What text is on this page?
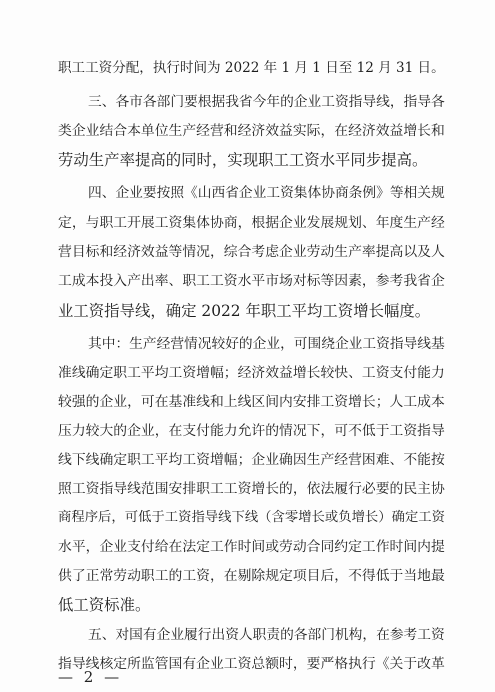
职工工资分配，执行时间为 2022 年 1 月 1 日至 12 月 31 日。
三、各市各部门要根据我省今年的企业工资指导线，指导各
类企业结合本单位生产经营和经济效益实际，在经济效益增长和
劳动生产率提高的同时，实现职工工资水平同步提高。
四、企业要按照《山西省企业工资集体协商条例》等相关规
定，与职工开展工资集体协商，根据企业发展规划、年度生产经
营目标和经济效益等情况，综合考虑企业劳动生产率提高以及人
工成本投入产出率、职工工资水平市场对标等因素，参考我省企
业工资指导线，确定 2022 年职工平均工资增长幅度。
其中：生产经营情况较好的企业，可围绕企业工资指导线基
准线确定职工平均工资增幅；经济效益增长较快、工资支付能力
较强的企业，可在基准线和上线区间内安排工资增长；人工成本
压力较大的企业，在支付能力允许的情况下，可不低于工资指导
线下线确定职工平均工资增幅；企业确因生产经营困难、不能按
照工资指导线范围安排职工工资增长的，依法履行必要的民主协
商程序后，可低于工资指导线下线（含零增长或负增长）确定工资
水平，企业支付给在法定工作时间或劳动合同约定工作时间内提
供了正常劳动职工的工资，在剔除规定项目后，不得低于当地最
低工资标准。
五、对国有企业履行出资人职责的各部门机构，在参考工资
指导线核定所监管国有企业工资总额时，要严格执行《关于改革
— 2 —
